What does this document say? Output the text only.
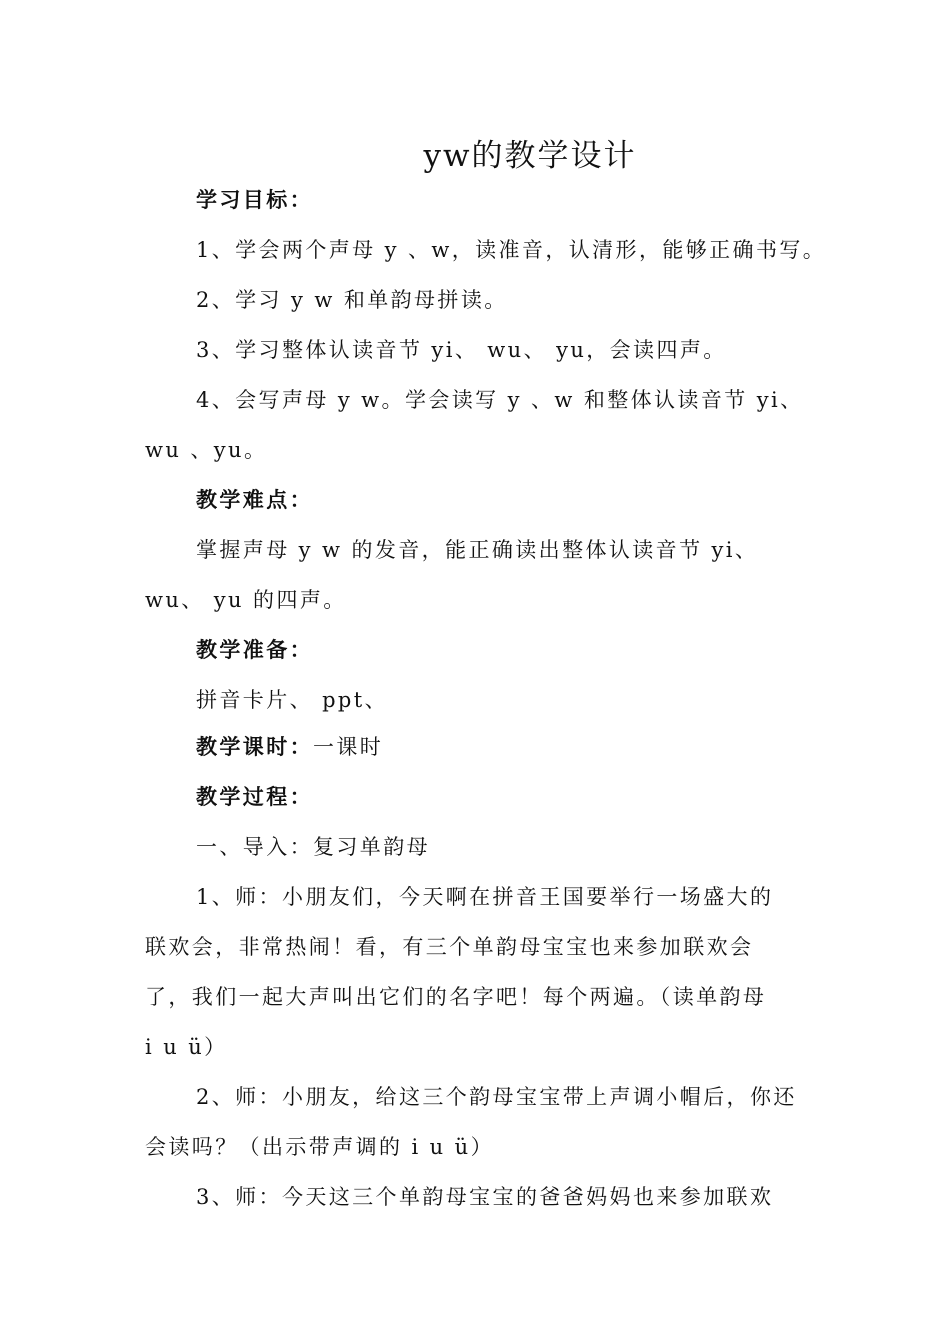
yw的教学设计
学习目标：
1、学会两个声母 y 、w，读准音，认清形，能够正确书写。
2、学习 y w 和单韵母拼读。
3、学习整体认读音节 yi、 wu、 yu，会读四声。
4、会写声母 y w。学会读写 y 、w 和整体认读音节 yi、
wu 、yu。
教学难点：
掌握声母 y w 的发音，能正确读出整体认读音节 yi、
wu、 yu 的四声。
教学准备：
拼音卡片、 ppt、
教学课时：一课时
教学过程：
一、导入：复习单韵母
1、师：小朋友们，今天啊在拼音王国要举行一场盛大的
联欢会，非常热闹！看，有三个单韵母宝宝也来参加联欢会
了，我们一起大声叫出它们的名字吧！每个两遍。（读单韵母
i u ü）
2、师：小朋友，给这三个韵母宝宝带上声调小帽后，你还
会读吗？（出示带声调的 i u ü）
3、师：今天这三个单韵母宝宝的爸爸妈妈也来参加联欢
